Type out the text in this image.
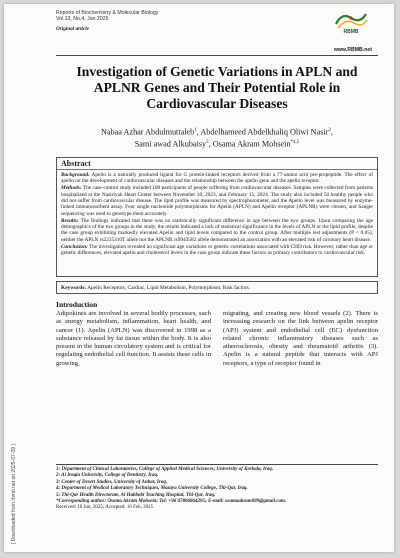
Reports of Biochemistry & Molecular Biology
Vol.13, No.4, Jan 2025
Original article
RBMB
www.RBMB.net
Investigation of Genetic Variations in APLN and APLNR Genes and Their Potential Role in Cardiovascular Diseases
Nabaa Azhar Abdulmuttaleb$^1$, Abdelhameed Abdelkhaliq Oliwi Nasir$^2$,
Sami awad Alkubaisy$^3$, Osama Akram Mohsein$^{*4,5}$
Abstract

Background: Apelin is a naturally produced ligand for G protein-linked receptors derived from a 77-amino acid pre-propeptide. The effect of apelin on the development of cardiovascular diseases and the relationship between the apelin gene and the apelin receptor.

Methods: The case-control study included 100 participants of people suffering from cardiovascular diseases. Samples were collected from patients hospitalized at the Nasiriyah Heart Center between November 10, 2023, and February 15, 2024. The study also included 50 healthy people who did not suffer from cardiovascular disease. The lipid profile was measured by spectrophotometer, and the Apelin level was measured by enzyme-linked immunosorbent assay. Four single nucleotide polymorphisms for Apelin (APLN) and Apelin receptor (APLNR) were chosen, and Sanger sequencing was used to genotype them accurately.

Results: The findings indicated that there was no statistically significant difference in age between the two groups. Upon comparing the age demographics of the two groups in the study, the results indicated a lack of statistical significance in the levels of APLN or the lipid profile, despite the case group exhibiting markedly elevated Apelin and lipid levels compared to the control group. After multiple test adjustments (P < 0.05), neither the APLN rs2235310T allele nor the APLNR rs9943582 allele demonstrated an association with an elevated risk of coronary heart disease.

Conclusion: The investigation revealed no significant age variations or genetic correlations associated with CHD risk. However, rather than age or genetic differences, elevated apelin and cholesterol levels in the case group indicate these factors as primary contributors to cardiovascular risk.

Keywords: Apelin Receptors, Cardiac, Lipid Metabolism, Polymorphism, Risk factors.
Introduction
Adipokines are involved in several bodily processes, such as energy metabolism, inflammation, heart health, and cancer (1). Apelin (APLN) was discovered in 1998 as a substance released by fat tissue within the body. It is also present in the human circulatory system and is critical for regulating endothelial cell function. It assists these cells in growing,
migrating, and creating new blood vessels (2). There is increasing research on the link between apelin receptor (APJ) system and endothelial cell (EC) dysfunction related chronic inflammatory diseases such as atherosclerosis, obesity and rheumatoid arthritis (3). Apelin is a natural peptide that interacts with APJ receptors, a type of receptor found in
1: Department of Clinical Laboratories, College of Applied Medical Sciences, University of Kerbala, Iraq.
2: Al Iraqia University, College of Dentistry, Iraq.
3: Center of Desert Studies, University of Anbar, Iraq.
4: Department of Medical Laboratory Techniques, Mazaya University College, Thi-Qar, Iraq.
5: Thi-Qar Health Directorate, Al Habbobi Teaching Hospital, Thi-Qar, Iraq.
*Corresponding author: Osama Akram Mohsein; Tel: +96 47806864295; E-mail: osamaakram889@gmail.com.
Received: 10 Jun, 2025; Accepted: 16 Feb, 2025
[ Downloaded from rbmb.net on 2025-07-09 ]
